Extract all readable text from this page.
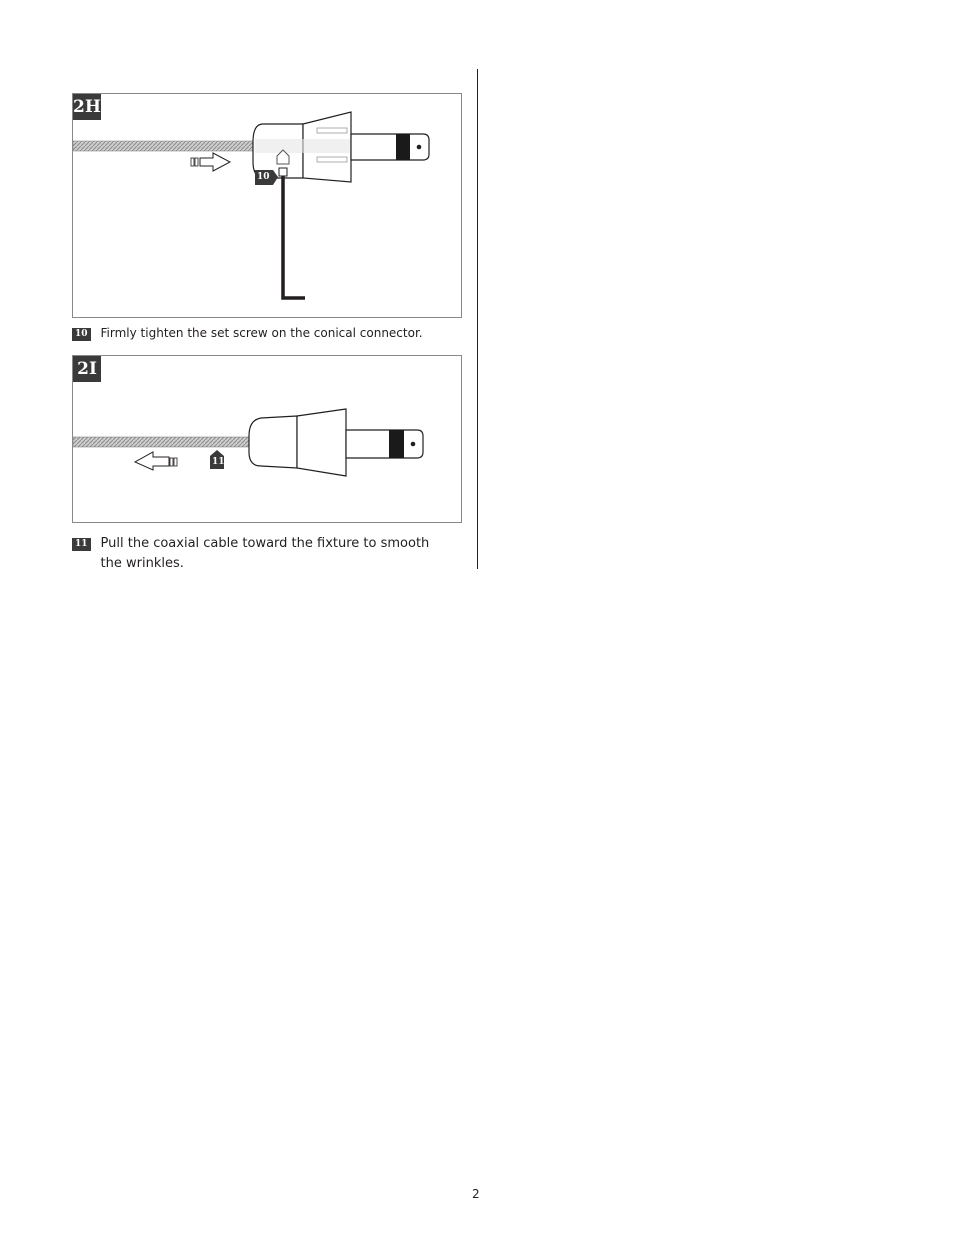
2H
10
10 Firmly tighten the set screw on the conical connector.
2I
11
11 Pull the coaxial cable toward the fixture to smooth the wrinkles.
2
